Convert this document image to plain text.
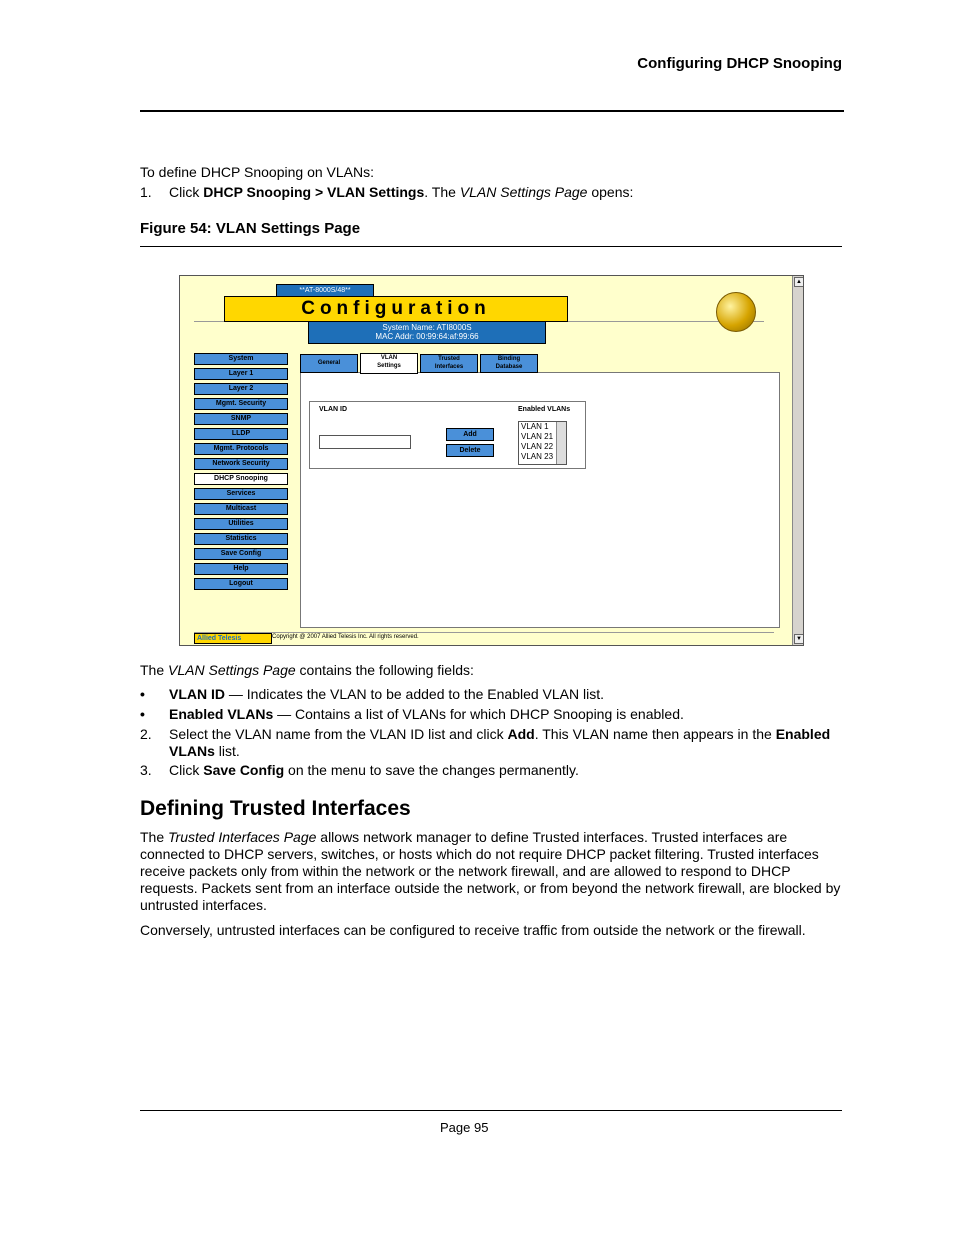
Configuring DHCP Snooping
To define DHCP Snooping on VLANs:
1. Click DHCP Snooping > VLAN Settings. The VLAN Settings Page opens:
Figure 54: VLAN Settings Page
▲
▼
**AT-8000S/48**
Configuration
System Name: ATI8000S
MAC Addr: 00:99:64:af:99:66
VLAN ID	Enabled VLANs
Add
Delete
VLAN 1
VLAN 21
VLAN 22
VLAN 23
Allied Telesis	Copyright @ 2007 Allied Telesis Inc. All rights reserved.
System
Layer 1
Layer 2
Mgmt. Security
SNMP
LLDP
Mgmt. Protocols
Network Security
DHCP Snooping
Services
Multicast
Utilities
Statistics
Save Config
Help
Logout
General
VLAN
Settings
Trusted
Interfaces
Binding
Database
The VLAN Settings Page contains the following fields:
• VLAN ID — Indicates the VLAN to be added to the Enabled VLAN list.
• Enabled VLANs — Contains a list of VLANs for which DHCP Snooping is enabled.
2. Select the VLAN name from the VLAN ID list and click Add. This VLAN name then appears in the Enabled
VLANs list.
3. Click Save Config on the menu to save the changes permanently.
Defining Trusted Interfaces
The Trusted Interfaces Page allows network manager to define Trusted interfaces. Trusted interfaces are
connected to DHCP servers, switches, or hosts which do not require DHCP packet filtering. Trusted interfaces
receive packets only from within the network or the network firewall, and are allowed to respond to DHCP
requests. Packets sent from an interface outside the network, or from beyond the network firewall, are blocked by
untrusted interfaces.
Conversely, untrusted interfaces can be configured to receive traffic from outside the network or the firewall.
Page 95
